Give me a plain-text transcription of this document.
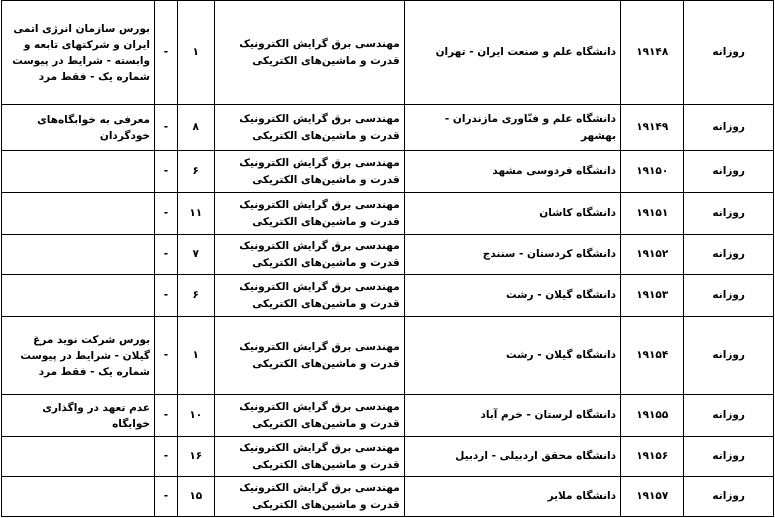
روزانه	۱۹۱۴۸	دانشگاه علم و صنعت ایران - تهران	مهندسی برق گرایش الکترونیک قدرت و ماشین‌های الکتریکی	۱	-	بورس سازمان انرژی اتمی ایران و شرکتهای تابعه و وابسته - شرایط در پیوست شماره یک - فقط مرد
روزانه	۱۹۱۴۹	دانشگاه علم و فنّاوری مازندران - بهشهر	مهندسی برق گرایش الکترونیک قدرت و ماشین‌های الکتریکی	۸	-	معرفی به خوابگاه‌های خودگردان
روزانه	۱۹۱۵۰	دانشگاه فردوسی مشهد	مهندسی برق گرایش الکترونیک قدرت و ماشین‌های الکتریکی	۶	-	
روزانه	۱۹۱۵۱	دانشگاه کاشان	مهندسی برق گرایش الکترونیک قدرت و ماشین‌های الکتریکی	۱۱	-	
روزانه	۱۹۱۵۲	دانشگاه کردستان - سنندج	مهندسی برق گرایش الکترونیک قدرت و ماشین‌های الکتریکی	۷	-	
روزانه	۱۹۱۵۳	دانشگاه گیلان - رشت	مهندسی برق گرایش الکترونیک قدرت و ماشین‌های الکتریکی	۶	-	
روزانه	۱۹۱۵۴	دانشگاه گیلان - رشت	مهندسی برق گرایش الکترونیک قدرت و ماشین‌های الکتریکی	۱	-	بورس شرکت نوید مرغ گیلان - شرایط در پیوست شماره یک - فقط مرد
روزانه	۱۹۱۵۵	دانشگاه لرستان - خرم آباد	مهندسی برق گرایش الکترونیک قدرت و ماشین‌های الکتریکی	۱۰	-	عدم تعهد در واگذاری خوابگاه
روزانه	۱۹۱۵۶	دانشگاه محقق اردبیلی - اردبیل	مهندسی برق گرایش الکترونیک قدرت و ماشین‌های الکتریکی	۱۶	-	
روزانه	۱۹۱۵۷	دانشگاه ملایر	مهندسی برق گرایش الکترونیک قدرت و ماشین‌های الکتریکی	۱۵	-	
